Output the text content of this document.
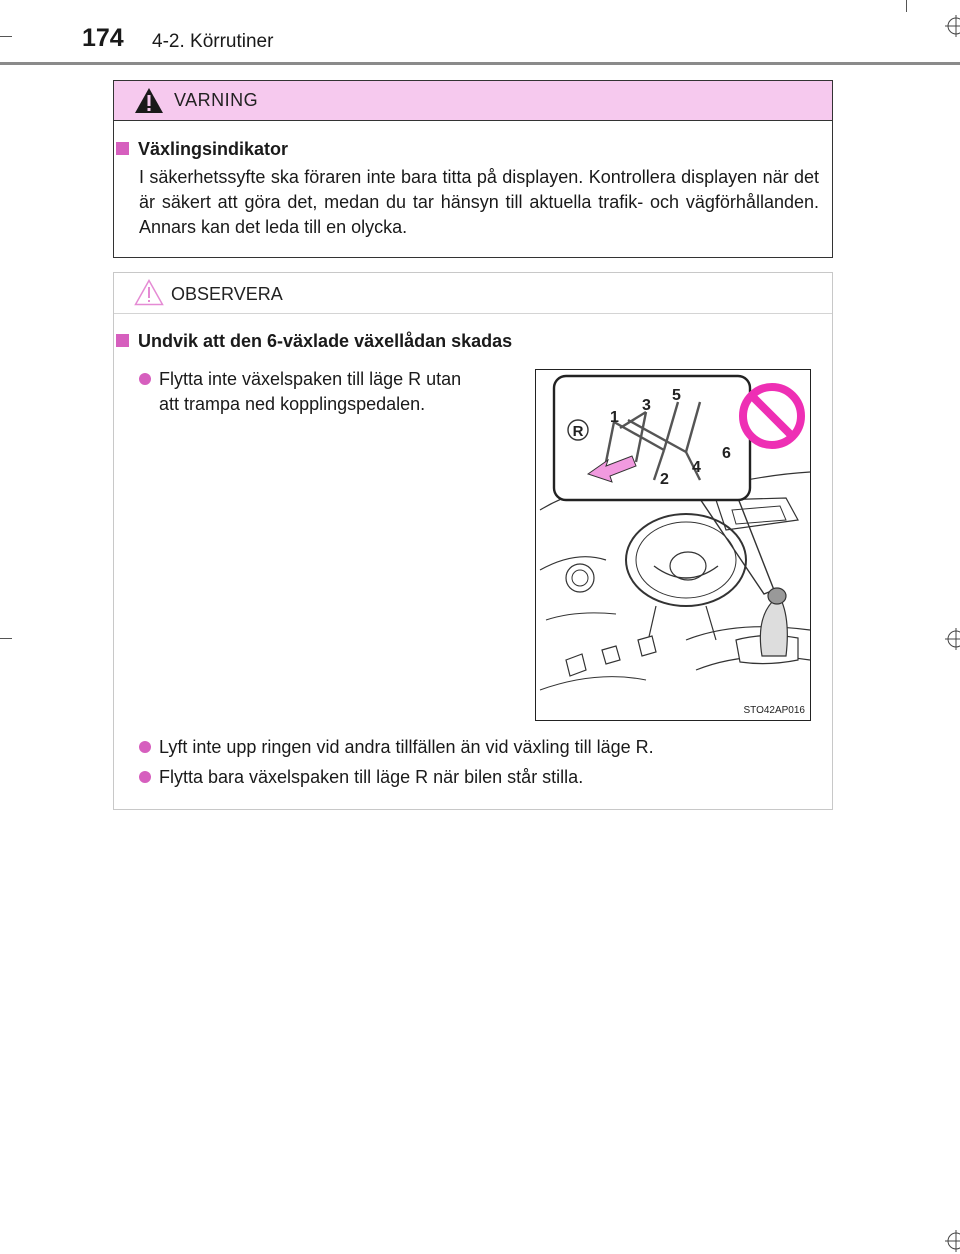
174 4-2. Körrutiner
VARNING
Växlingsindikator
I säkerhetssyfte ska föraren inte bara titta på displayen. Kontrollera displayen när det är säkert att göra det, medan du tar hänsyn till aktuella trafik- och vägförhållanden. Annars kan det leda till en olycka.
OBSERVERA
Undvik att den 6-växlade växellådan skadas
Flytta inte växelspaken till läge R utan
att trampa ned kopplingspedalen.
R
1
3
5
2
4
6
STO42AP016
Lyft inte upp ringen vid andra tillfällen än vid växling till läge R.
Flytta bara växelspaken till läge R när bilen står stilla.
